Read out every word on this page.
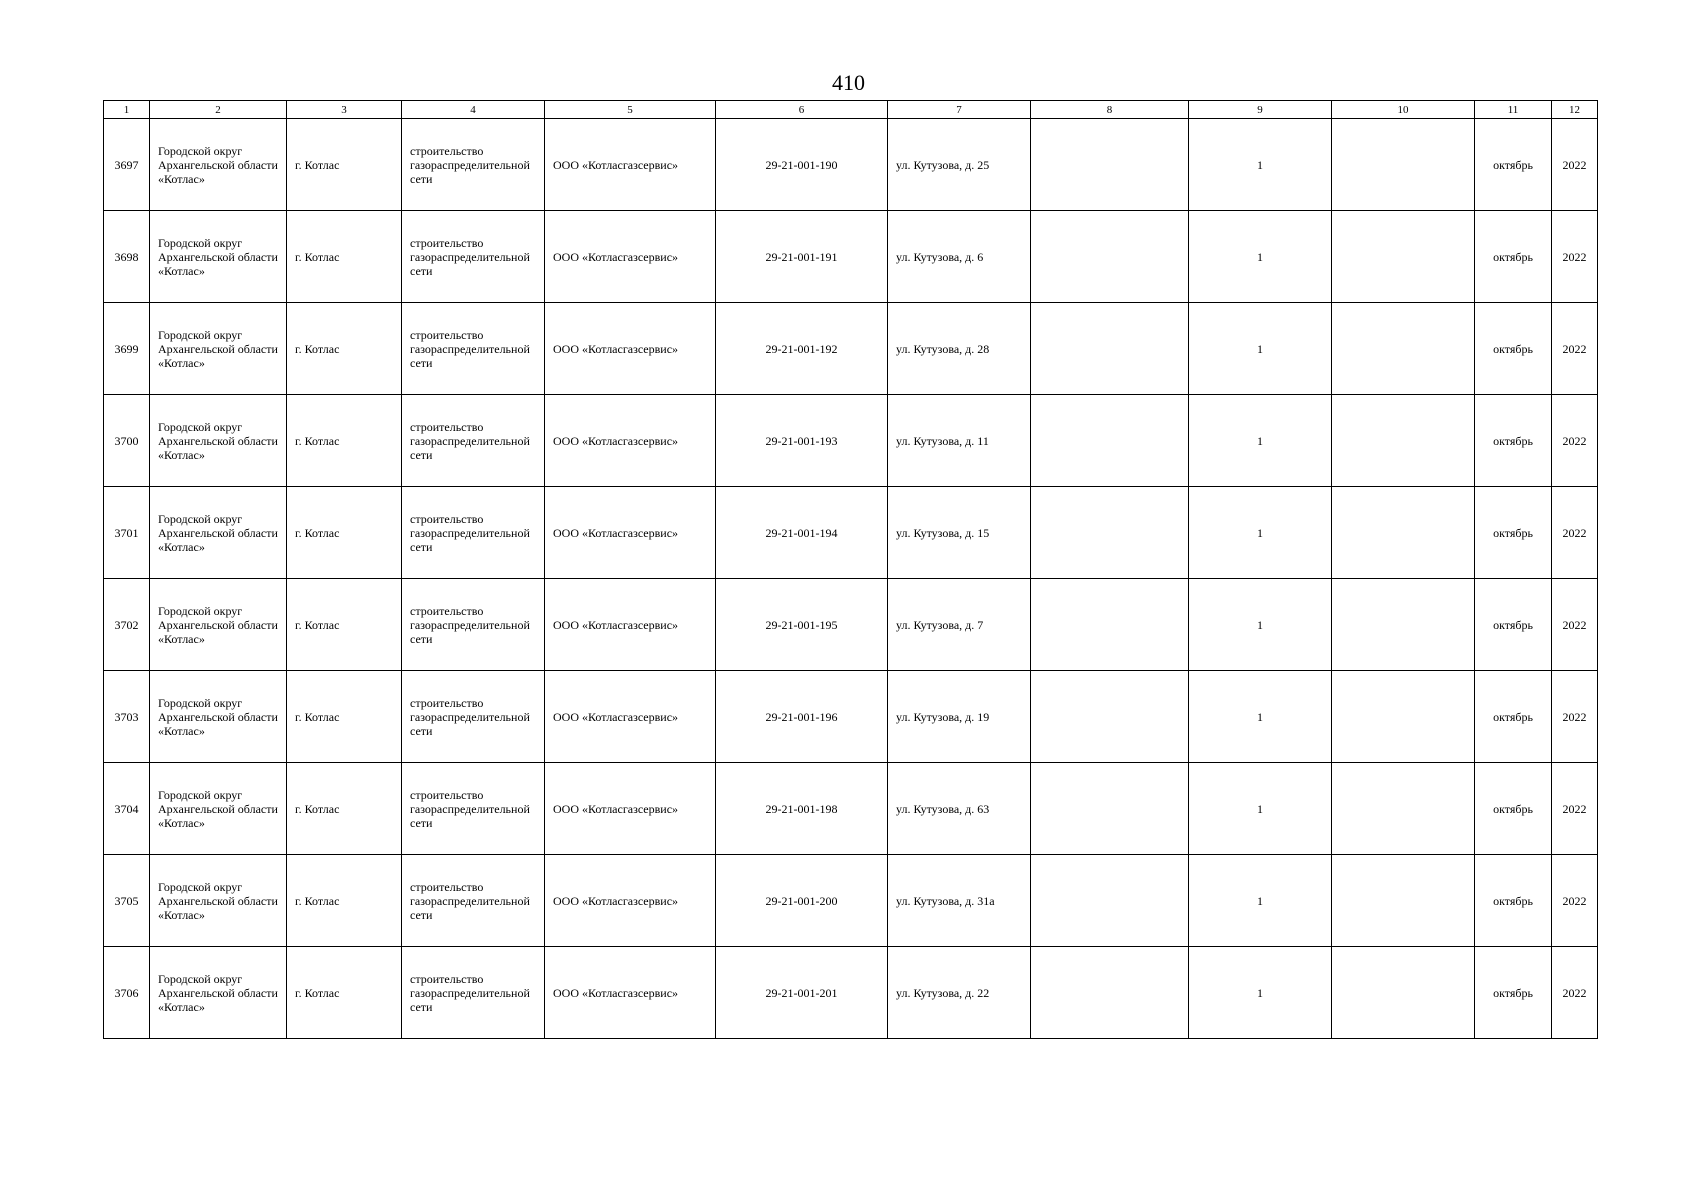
410
1	2	3	4	5	6	7	8	9	10	11	12
3697	Городской округ Архангельской области «Котлас»	г. Котлас	строительство газораспределительной сети	ООО «Котласгазсервис»	29-21-001-190	ул. Кутузова, д. 25		1		октябрь	2022
3698	Городской округ Архангельской области «Котлас»	г. Котлас	строительство газораспределительной сети	ООО «Котласгазсервис»	29-21-001-191	ул. Кутузова, д. 6		1		октябрь	2022
3699	Городской округ Архангельской области «Котлас»	г. Котлас	строительство газораспределительной сети	ООО «Котласгазсервис»	29-21-001-192	ул. Кутузова, д. 28		1		октябрь	2022
3700	Городской округ Архангельской области «Котлас»	г. Котлас	строительство газораспределительной сети	ООО «Котласгазсервис»	29-21-001-193	ул. Кутузова, д. 11		1		октябрь	2022
3701	Городской округ Архангельской области «Котлас»	г. Котлас	строительство газораспределительной сети	ООО «Котласгазсервис»	29-21-001-194	ул. Кутузова, д. 15		1		октябрь	2022
3702	Городской округ Архангельской области «Котлас»	г. Котлас	строительство газораспределительной сети	ООО «Котласгазсервис»	29-21-001-195	ул. Кутузова, д. 7		1		октябрь	2022
3703	Городской округ Архангельской области «Котлас»	г. Котлас	строительство газораспределительной сети	ООО «Котласгазсервис»	29-21-001-196	ул. Кутузова, д. 19		1		октябрь	2022
3704	Городской округ Архангельской области «Котлас»	г. Котлас	строительство газораспределительной сети	ООО «Котласгазсервис»	29-21-001-198	ул. Кутузова, д. 63		1		октябрь	2022
3705	Городской округ Архангельской области «Котлас»	г. Котлас	строительство газораспределительной сети	ООО «Котласгазсервис»	29-21-001-200	ул. Кутузова, д. 31а		1		октябрь	2022
3706	Городской округ Архангельской области «Котлас»	г. Котлас	строительство газораспределительной сети	ООО «Котласгазсервис»	29-21-001-201	ул. Кутузова, д. 22		1		октябрь	2022
